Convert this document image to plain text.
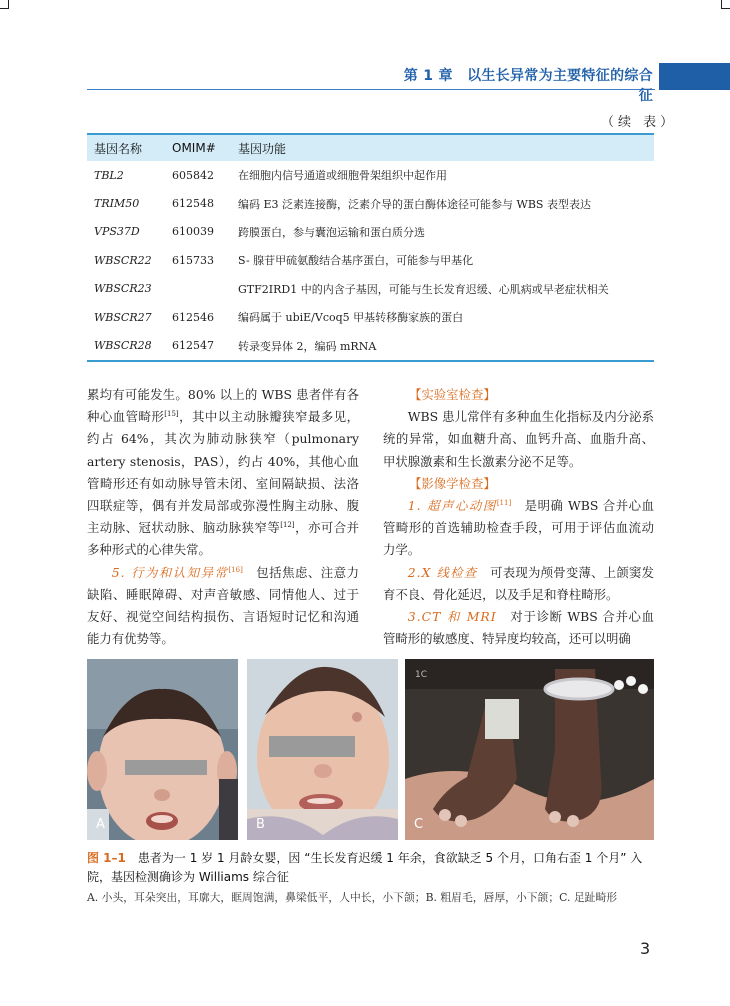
第 1 章　以生长异常为主要特征的综合征
（续 表）
基因名称	OMIM#	基因功能
TBL2	605842	在细胞内信号通道或细胞骨架组织中起作用
TRIM50	612548	编码 E3 泛素连接酶，泛素介导的蛋白酶体途径可能参与 WBS 表型表达
VPS37D	610039	跨膜蛋白，参与囊泡运输和蛋白质分选
WBSCR22	615733	S- 腺苷甲硫氨酸结合基序蛋白，可能参与甲基化
WBSCR23		GTF2IRD1 中的内含子基因，可能与生长发育迟缓、心肌病或早老症状相关
WBSCR27	612546	编码属于 ubiE/Vcoq5 甲基转移酶家族的蛋白
WBSCR28	612547	转录变异体 2，编码 mRNA

累均有可能发生。80% 以上的 WBS 患者伴有各种心血管畸形[15]，其中以主动脉瓣狭窄最多见，约占 64%，其次为肺动脉狭窄（pulmonary artery stenosis，PAS），约占 40%，其他心血管畸形还有如动脉导管未闭、室间隔缺损、法洛四联症等，偶有并发局部或弥漫性胸主动脉、腹主动脉、冠状动脉、脑动脉狭窄等[12]，亦可合并多种形式的心律失常。

5. 行为和认知异常[16]　包括焦虑、注意力缺陷、睡眠障碍、对声音敏感、同情他人、过于友好、视觉空间结构损伤、言语短时记忆和沟通能力有优势等。

【实验室检查】

WBS 患儿常伴有多种血生化指标及内分泌系统的异常，如血糖升高、血钙升高、血脂升高、甲状腺激素和生长激素分泌不足等。

【影像学检查】

1. 超声心动图[11]　是明确 WBS 合并心血管畸形的首选辅助检查手段，可用于评估血流动力学。

2.X 线检查　可表现为颅骨变薄、上颌窦发育不良、骨化延迟，以及手足和脊柱畸形。

3.CT 和 MRI　对于诊断 WBS 合并心血管畸形的敏感度、特异度均较高，还可以明确

A	B
1C
C
图 1–1　患者为一 1 岁 1 月龄女婴，因 “生长发育迟缓 1 年余，食欲缺乏 5 个月，口角右歪 1 个月” 入院，基因检测确诊为 Williams 综合征
A. 小头，耳朵突出，耳廓大，眶周饱满，鼻梁低平，人中长，小下颌；B. 粗眉毛，唇厚，小下颌；C. 足趾畸形
3
